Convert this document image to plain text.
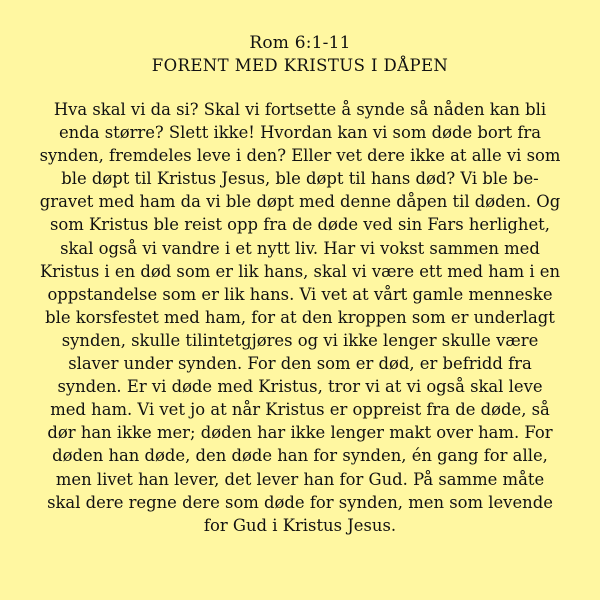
Rom 6:1-11
FORENT MED KRISTUS I DÅPEN
Hva skal vi da si? Skal vi fortsette å synde så nåden kan bli
enda større? Slett ikke! Hvordan kan vi som døde bort fra
synden, fremdeles leve i den? Eller vet dere ikke at alle vi som
ble døpt til Kristus Jesus, ble døpt til hans død? Vi ble be-
gravet med ham da vi ble døpt med denne dåpen til døden. Og
som Kristus ble reist opp fra de døde ved sin Fars herlighet,
skal også vi vandre i et nytt liv. Har vi vokst sammen med
Kristus i en død som er lik hans, skal vi være ett med ham i en
oppstandelse som er lik hans. Vi vet at vårt gamle menneske
ble korsfestet med ham, for at den kroppen som er underlagt
synden, skulle tilintetgjøres og vi ikke lenger skulle være
slaver under synden. For den som er død, er befridd fra
synden. Er vi døde med Kristus, tror vi at vi også skal leve
med ham. Vi vet jo at når Kristus er oppreist fra de døde, så
dør han ikke mer; døden har ikke lenger makt over ham. For
døden han døde, den døde han for synden, én gang for alle,
men livet han lever, det lever han for Gud. På samme måte
skal dere regne dere som døde for synden, men som levende
for Gud i Kristus Jesus.
